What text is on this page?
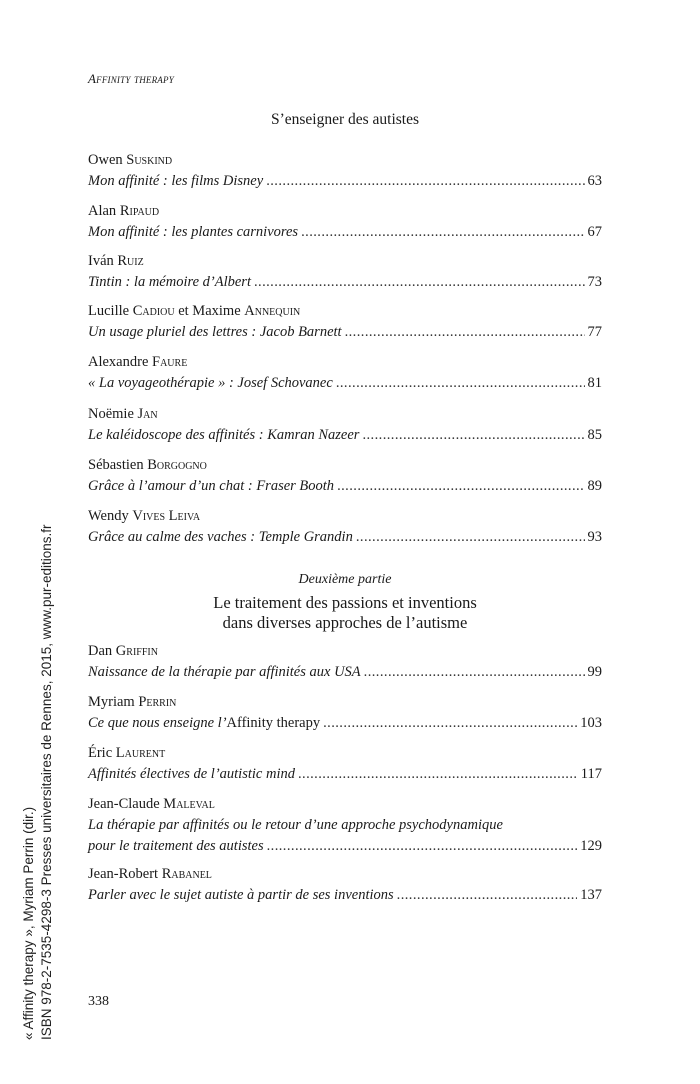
Affinity therapy
S’enseigner des autistes
Owen Suskind
Mon affinité : les films Disney . . .	63
Alan Ripaud
Mon affinité : les plantes carnivores . . .	67
Iván Ruiz
Tintin : la mémoire d’Albert . . .	73
Lucille Cadiou et Maxime Annequin
Un usage pluriel des lettres : Jacob Barnett . . .	77
Alexandre Faure
« La voyageothérapie » : Josef Schovanec . . .	81
Noëmie Jan
Le kaléidoscope des affinités : Kamran Nazeer . . .	85
Sébastien Borgogno
Grâce à l’amour d’un chat : Fraser Booth . . .	89
Wendy Vives Leiva
Grâce au calme des vaches : Temple Grandin . . .	93
Deuxième partie
Le traitement des passions et inventions
dans diverses approches de l’autisme
Dan Griffin
Naissance de la thérapie par affinités aux USA . . .	99
Myriam Perrin
Ce que nous enseigne l’Affinity therapy . . .	103
Éric Laurent
Affinités électives de l’autistic mind . . .	117
Jean-Claude Maleval
La thérapie par affinités ou le retour d’une approche psychodynamique
pour le traitement des autistes . . .	129
Jean-Robert Rabanel
Parler avec le sujet autiste à partir de ses inventions . . .	137
338
« Affinity therapy », Myriam Perrin (dir.) ISBN 978-2-7535-4298-3 Presses universitaires de Rennes, 2015, www.pur-editions.fr
